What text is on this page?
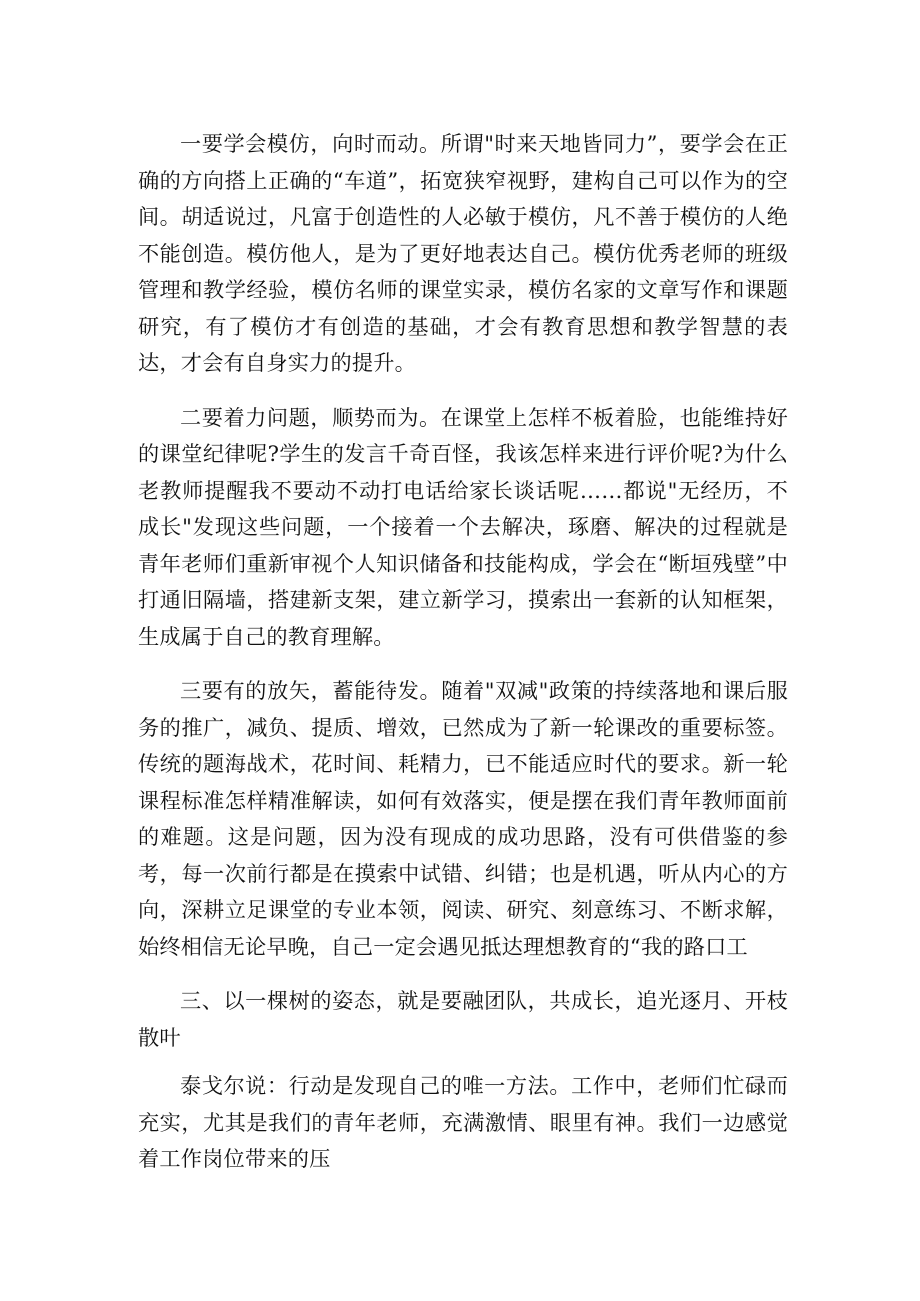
一要学会模仿，向时而动。所谓"时来天地皆同力”，要学会在正确的方向搭上正确的“车道”，拓宽狭窄视野，建构自己可以作为的空间。胡适说过，凡富于创造性的人必敏于模仿，凡不善于模仿的人绝不能创造。模仿他人，是为了更好地表达自己。模仿优秀老师的班级管理和教学经验，模仿名师的课堂实录，模仿名家的文章写作和课题研究，有了模仿才有创造的基础，才会有教育思想和教学智慧的表达，才会有自身实力的提升。

二要着力问题，顺势而为。在课堂上怎样不板着脸，也能维持好的课堂纪律呢?学生的发言千奇百怪，我该怎样来进行评价呢?为什么老教师提醒我不要动不动打电话给家长谈话呢……都说"无经历，不成长"发现这些问题，一个接着一个去解决，琢磨、解决的过程就是青年老师们重新审视个人知识储备和技能构成，学会在“断垣残壁”中打通旧隔墙，搭建新支架，建立新学习，摸索出一套新的认知框架，生成属于自己的教育理解。

三要有的放矢，蓄能待发。随着"双减"政策的持续落地和课后服务的推广，减负、提质、增效，已然成为了新一轮课改的重要标签。传统的题海战术，花时间、耗精力，已不能适应时代的要求。新一轮课程标准怎样精准解读，如何有效落实，便是摆在我们青年教师面前的难题。这是问题，因为没有现成的成功思路，没有可供借鉴的参考，每一次前行都是在摸索中试错、纠错；也是机遇，听从内心的方向，深耕立足课堂的专业本领，阅读、研究、刻意练习、不断求解，始终相信无论早晚，自己一定会遇见抵达理想教育的“我的路口工

三、以一棵树的姿态，就是要融团队，共成长，追光逐月、开枝散叶

泰戈尔说：行动是发现自己的唯一方法。工作中，老师们忙碌而充实，尤其是我们的青年老师，充满激情、眼里有神。我们一边感觉着工作岗位带来的压
